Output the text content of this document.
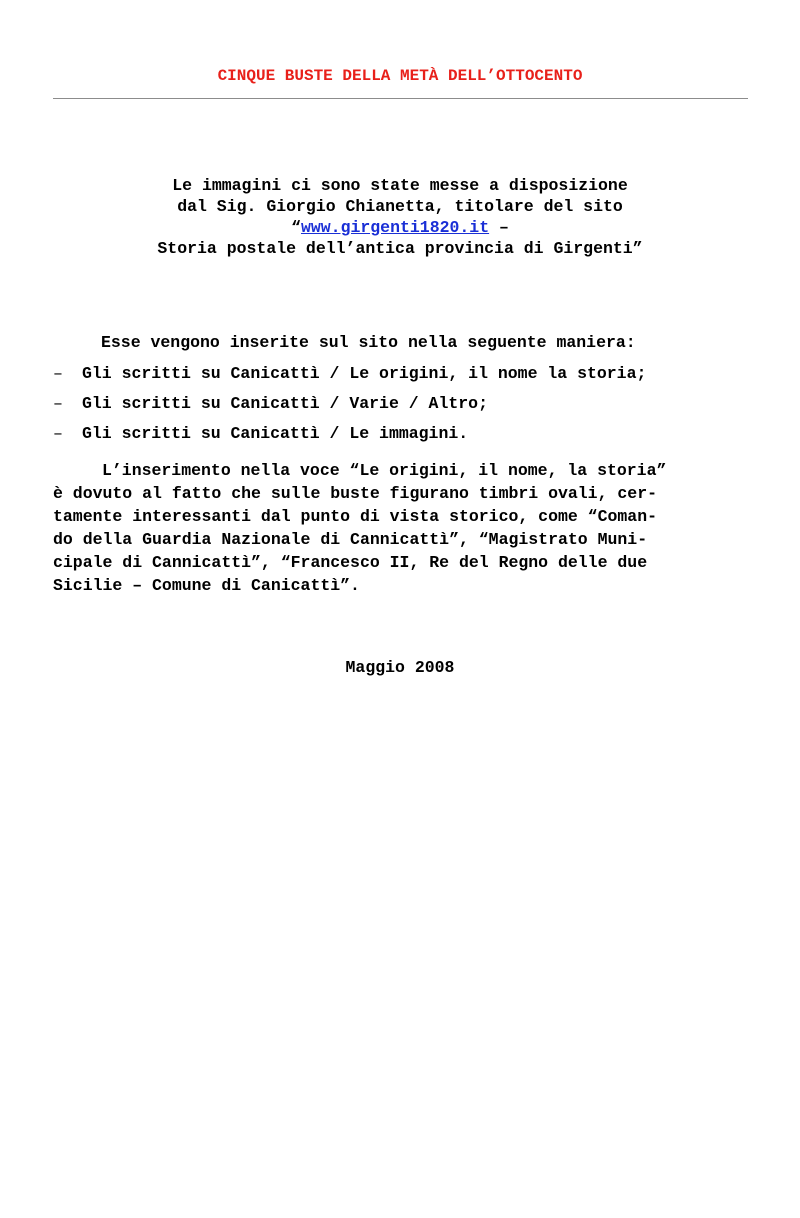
CINQUE BUSTE DELLA METÀ DELL’OTTOCENTO
Le immagini ci sono state messe a disposizione
dal Sig. Giorgio Chianetta, titolare del sito
“www.girgenti1820.it –
Storia postale dell’antica provincia di Girgenti”
Esse vengono inserite sul sito nella seguente maniera:

–

Gli scritti su Canicattì / Le origini, il nome la storia;

–

Gli scritti su Canicattì / Varie / Altro;

–

Gli scritti su Canicattì / Le immagini.

L’inserimento nella voce “Le origini, il nome, la storia”
è dovuto al fatto che sulle buste figurano timbri ovali, cer-
tamente interessanti dal punto di vista storico, come “Coman-
do della Guardia Nazionale di Cannicattì”, “Magistrato Muni-
cipale di Cannicattì”, “Francesco II, Re del Regno delle due
Sicilie – Comune di Canicattì”.
Maggio 2008
